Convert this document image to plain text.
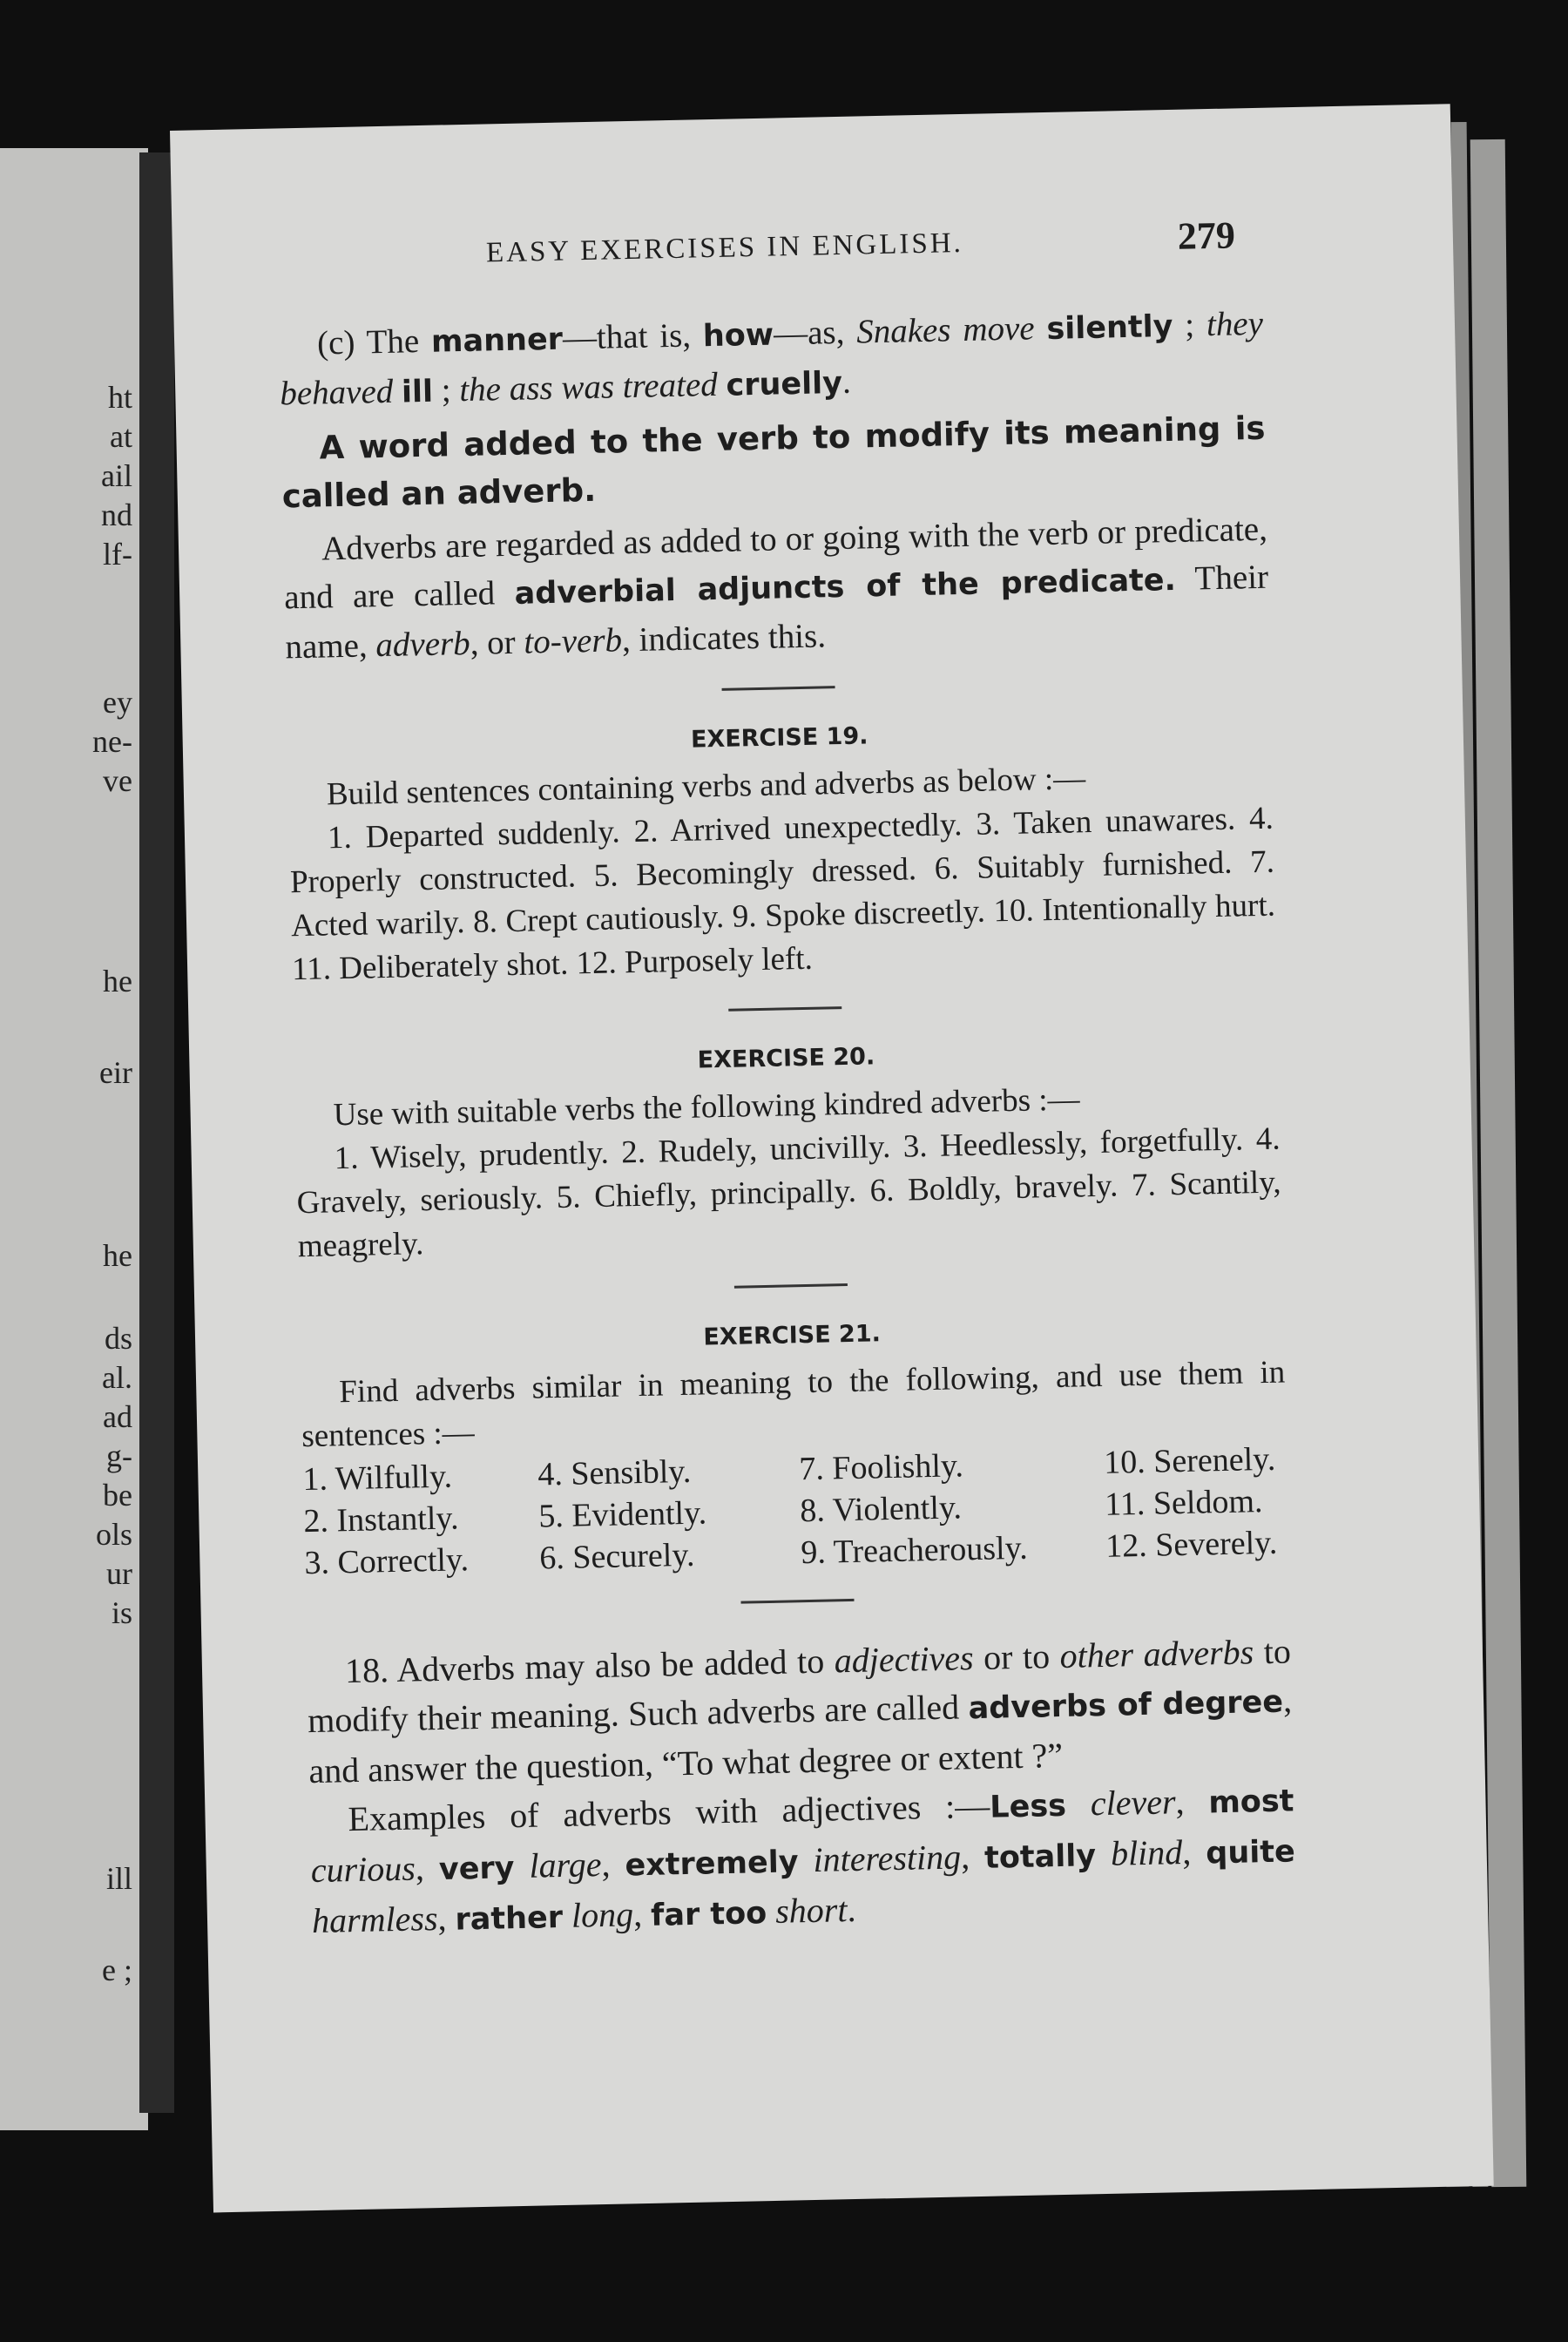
ht
at
ail
nd
lf-
ey
ne-
ve
he
eir
he
ds
al.
ad
g-
be
ols
ur
is
ill
e ;
EASY EXERCISES IN ENGLISH.	279

(c) The manner—that is, how—as, Snakes move silently ; they behaved ill ; the ass was treated cruelly.

A word added to the verb to modify its meaning is called an adverb.

Adverbs are regarded as added to or going with the verb or predicate, and are called adverbial adjuncts of the predicate. Their name, adverb, or to-verb, indicates this.

EXERCISE 19.

Build sentences containing verbs and adverbs as below :—

1. Departed suddenly. 2. Arrived unexpectedly. 3. Taken unawares. 4. Properly constructed. 5. Becomingly dressed. 6. Suitably furnished. 7. Acted warily. 8. Crept cautiously. 9. Spoke discreetly. 10. Intentionally hurt. 11. Deliberately shot. 12. Purposely left.

EXERCISE 20.

Use with suitable verbs the following kindred adverbs :—

1. Wisely, prudently. 2. Rudely, uncivilly. 3. Heedlessly, forgetfully. 4. Gravely, seriously. 5. Chiefly, principally. 6. Boldly, bravely. 7. Scantily, meagrely.

EXERCISE 21.

Find adverbs similar in meaning to the following, and use them in sentences :—

1. Wilfully.	4. Sensibly.	7. Foolishly.	10. Serenely.
2. Instantly.	5. Evidently.	8. Violently.	11. Seldom.
3. Correctly.	6. Securely.	9. Treacherously.	12. Severely.

18. Adverbs may also be added to adjectives or to other adverbs to modify their meaning. Such adverbs are called adverbs of degree, and answer the question, “To what degree or extent ?”

Examples of adverbs with adjectives :—Less clever, most curious, very large, extremely interesting, totally blind, quite harmless, rather long, far too short.
